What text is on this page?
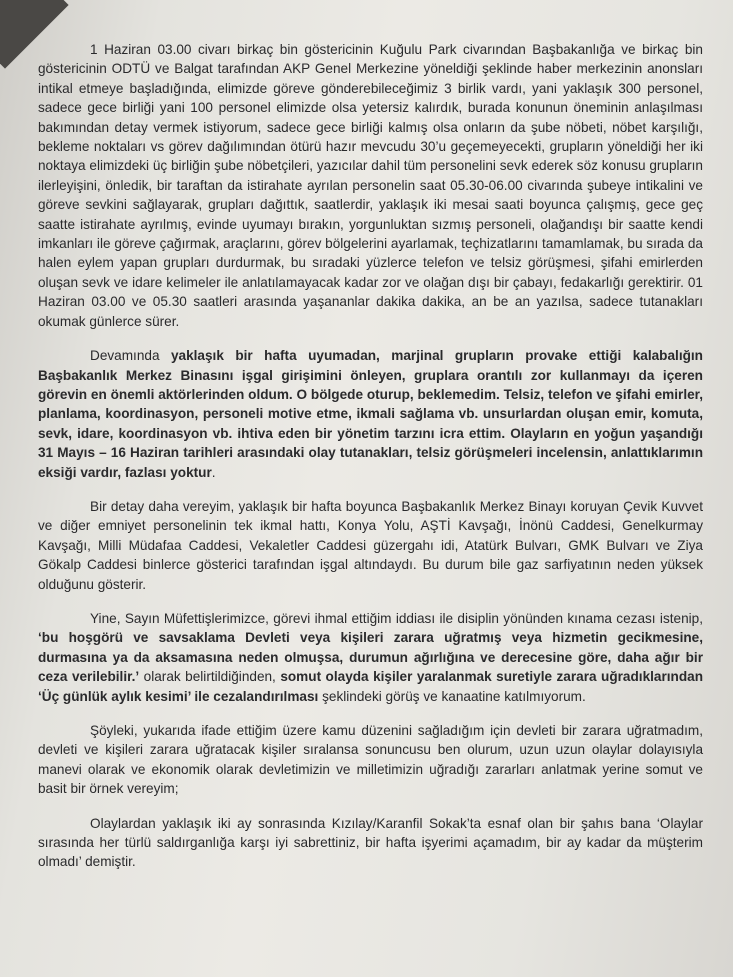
1 Haziran 03.00 civarı birkaç bin göstericinin Kuğulu Park civarından Başbakanlığa ve birkaç bin göstericinin ODTÜ ve Balgat tarafından AKP Genel Merkezine yöneldiği şeklinde haber merkezinin anonsları intikal etmeye başladığında, elimizde göreve gönderebileceğimiz 3 birlik vardı, yani yaklaşık 300 personel, sadece gece birliği yani 100 personel elimizde olsa yetersiz kalırdık, burada konunun öneminin anlaşılması bakımından detay vermek istiyorum, sadece gece birliği kalmış olsa onların da şube nöbeti, nöbet karşılığı, bekleme noktaları vs görev dağılımından ötürü hazır mevcudu 30’u geçemeyecekti, grupların yöneldiği her iki noktaya elimizdeki üç birliğin şube nöbetçileri, yazıcılar dahil tüm personelini sevk ederek söz konusu grupların ilerleyişini, önledik, bir taraftan da istirahate ayrılan personelin saat 05.30-06.00 civarında şubeye intikalini ve göreve sevkini sağlayarak, grupları dağıttık, saatlerdir, yaklaşık iki mesai saati boyunca çalışmış, gece geç saatte istirahate ayrılmış, evinde uyumayı bırakın, yorgunluktan sızmış personeli, olağandışı bir saatte kendi imkanları ile göreve çağırmak, araçlarını, görev bölgelerini ayarlamak, teçhizatlarını tamamlamak, bu sırada da halen eylem yapan grupları durdurmak, bu sıradaki yüzlerce telefon ve telsiz görüşmesi, şifahi emirlerden oluşan sevk ve idare kelimeler ile anlatılamayacak kadar zor ve olağan dışı bir çabayı, fedakarlığı gerektirir. 01 Haziran 03.00 ve 05.30 saatleri arasında yaşananlar dakika dakika, an be an yazılsa, sadece tutanakları okumak günlerce sürer.

Devamında yaklaşık bir hafta uyumadan, marjinal grupların provake ettiği kalabalığın Başbakanlık Merkez Binasını işgal girişimini önleyen, gruplara orantılı zor kullanmayı da içeren görevin en önemli aktörlerinden oldum. O bölgede oturup, beklemedim. Telsiz, telefon ve şifahi emirler, planlama, koordinasyon, personeli motive etme, ikmali sağlama vb. unsurlardan oluşan emir, komuta, sevk, idare, koordinasyon vb. ihtiva eden bir yönetim tarzını icra ettim. Olayların en yoğun yaşandığı 31 Mayıs – 16 Haziran tarihleri arasındaki olay tutanakları, telsiz görüşmeleri incelensin, anlattıklarımın eksiği vardır, fazlası yoktur.

Bir detay daha vereyim, yaklaşık bir hafta boyunca Başbakanlık Merkez Binayı koruyan Çevik Kuvvet ve diğer emniyet personelinin tek ikmal hattı, Konya Yolu, AŞTİ Kavşağı, İnönü Caddesi, Genelkurmay Kavşağı, Milli Müdafaa Caddesi, Vekaletler Caddesi güzergahı idi, Atatürk Bulvarı, GMK Bulvarı ve Ziya Gökalp Caddesi binlerce gösterici tarafından işgal altındaydı. Bu durum bile gaz sarfiyatının neden yüksek olduğunu gösterir.

Yine, Sayın Müfettişlerimizce, görevi ihmal ettiğim iddiası ile disiplin yönünden kınama cezası istenip, ‘bu hoşgörü ve savsaklama Devleti veya kişileri zarara uğratmış veya hizmetin gecikmesine, durmasına ya da aksamasına neden olmuşsa, durumun ağırlığına ve derecesine göre, daha ağır bir ceza verilebilir.’ olarak belirtildiğinden, somut olayda kişiler yaralanmak suretiyle zarara uğradıklarından ‘Üç günlük aylık kesimi’ ile cezalandırılması şeklindeki görüş ve kanaatine katılmıyorum.

Şöyleki, yukarıda ifade ettiğim üzere kamu düzenini sağladığım için devleti bir zarara uğratmadım, devleti ve kişileri zarara uğratacak kişiler sıralansa sonuncusu ben olurum, uzun uzun olaylar dolayısıyla manevi olarak ve ekonomik olarak devletimizin ve milletimizin uğradığı zararları anlatmak yerine somut ve basit bir örnek vereyim;

Olaylardan yaklaşık iki ay sonrasında Kızılay/Karanfil Sokak’ta esnaf olan bir şahıs bana ‘Olaylar sırasında her türlü saldırganlığa karşı iyi sabrettiniz, bir hafta işyerimi açamadım, bir ay kadar da müşterim olmadı’ demiştir.
